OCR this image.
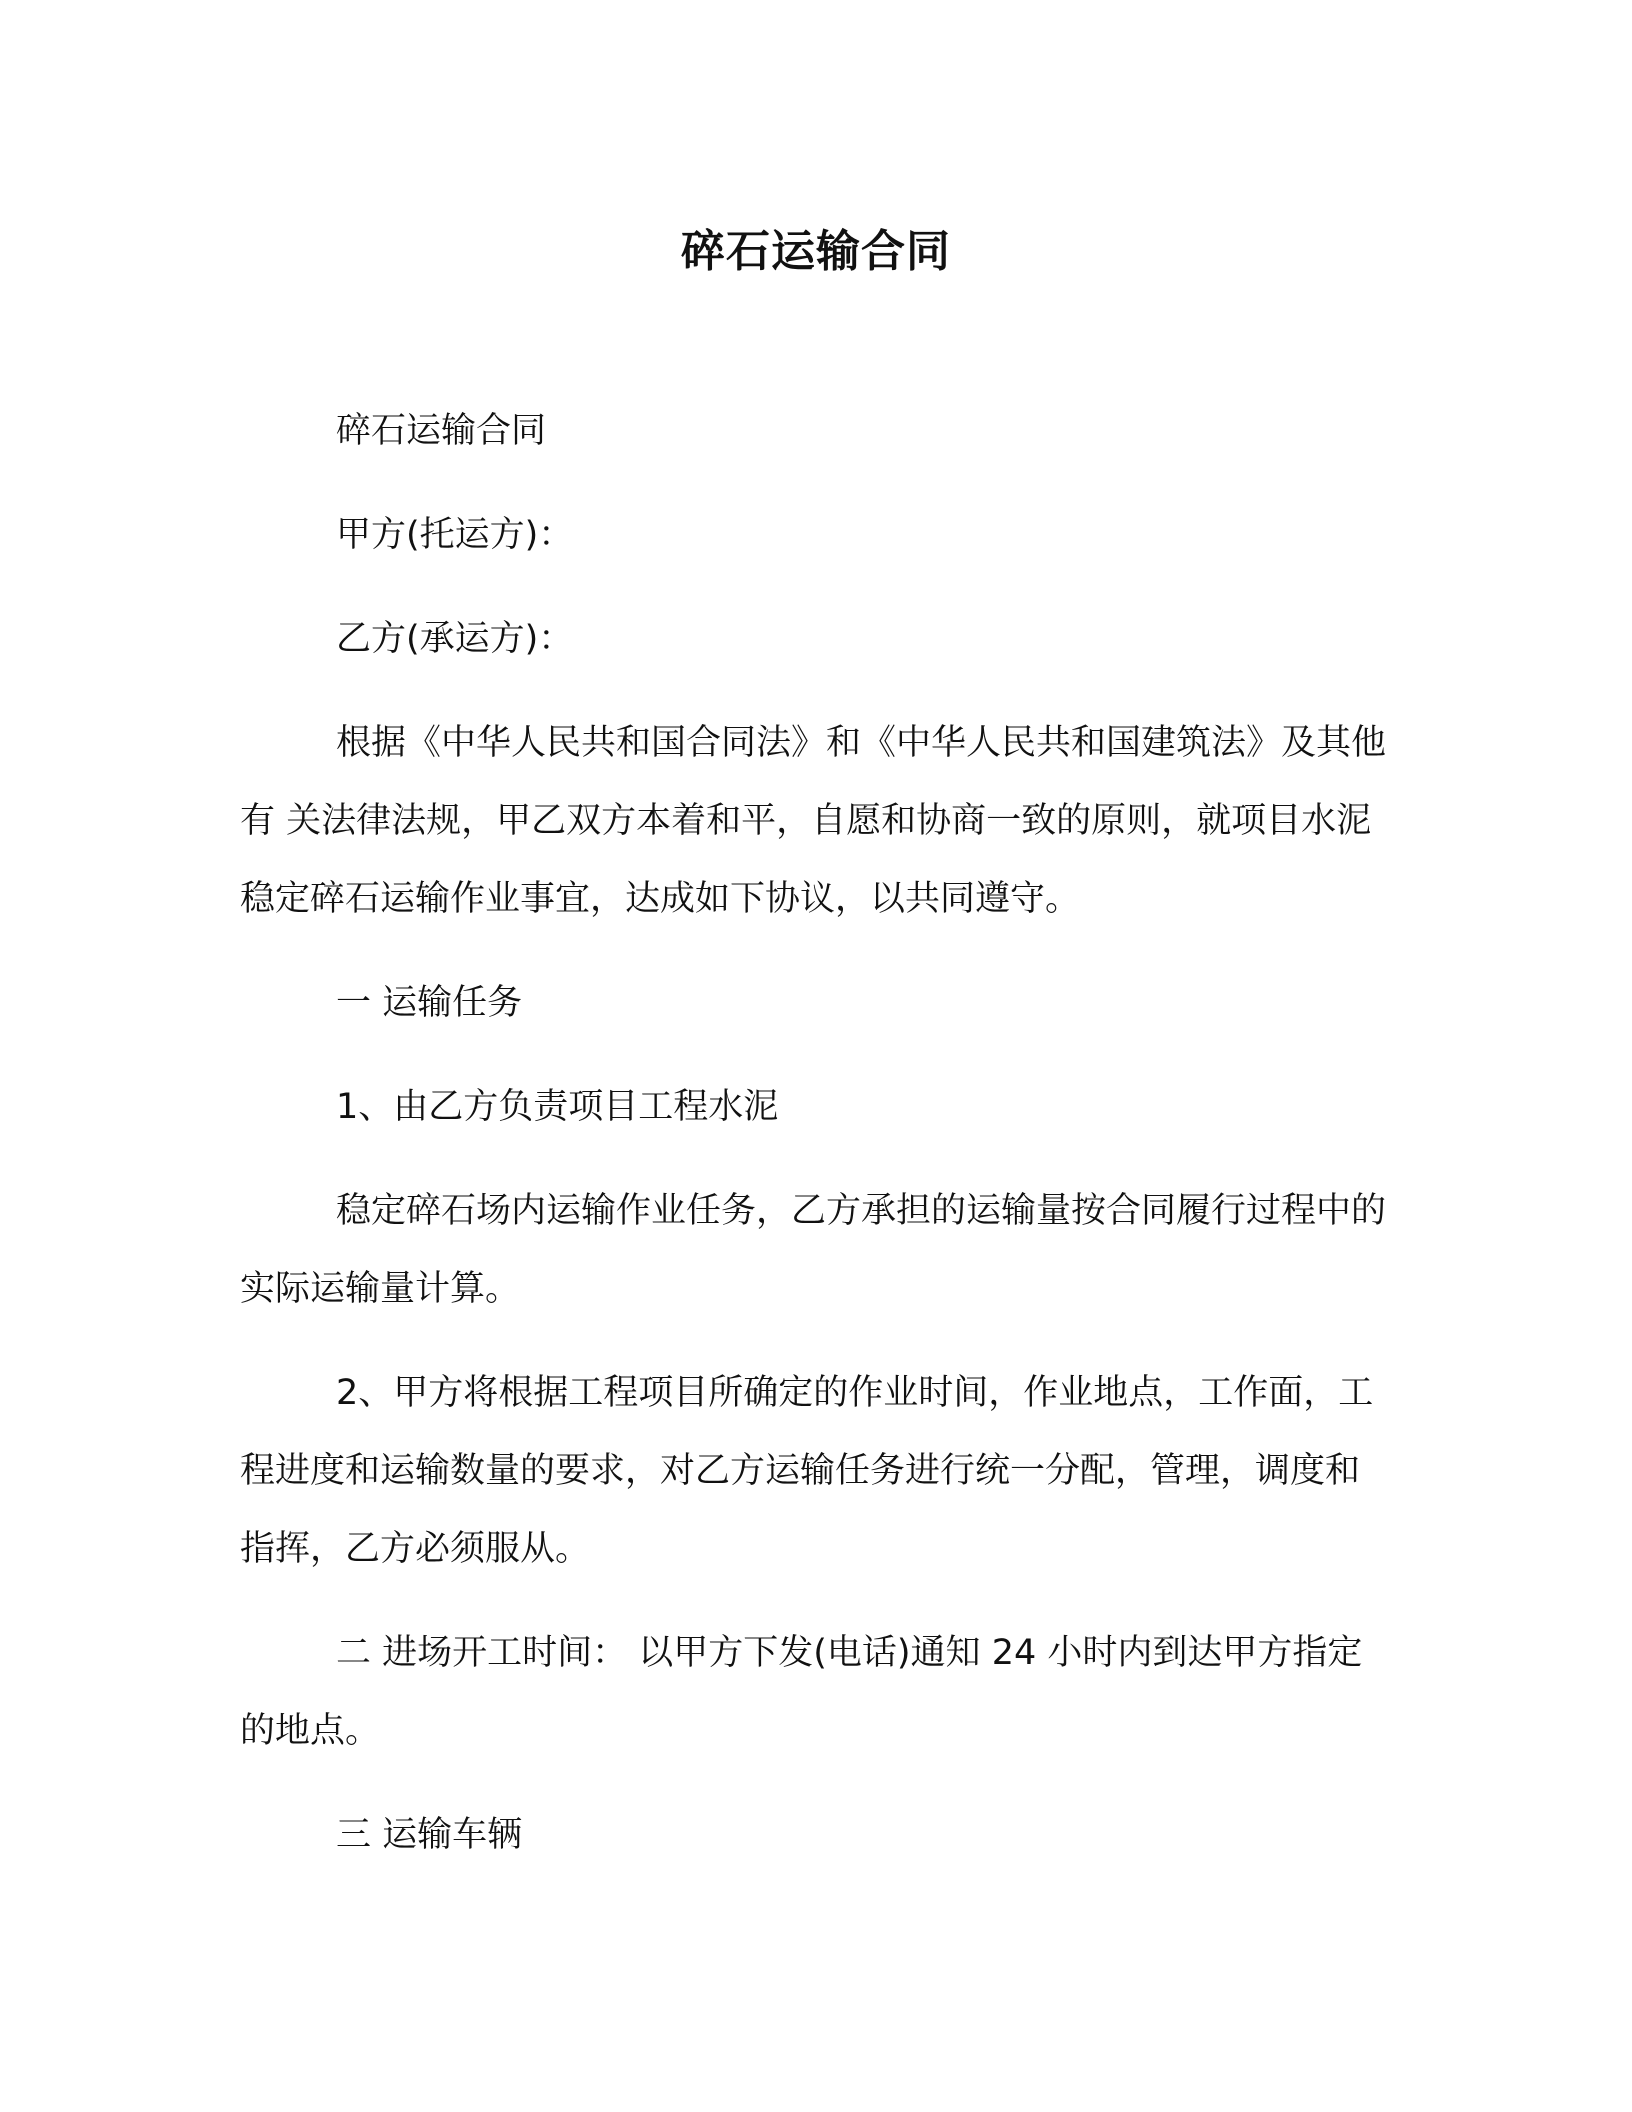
碎石运输合同

碎石运输合同

甲方(托运方)：

乙方(承运方)：

根据《中华人民共和国合同法》和《中华人民共和国建筑法》及其他有 关法律法规，甲乙双方本着和平，自愿和协商一致的原则，就项目水泥稳定碎石运输作业事宜，达成如下协议，以共同遵守。

一 运输任务

1、由乙方负责项目工程水泥

稳定碎石场内运输作业任务，乙方承担的运输量按合同履行过程中的实际运输量计算。

2、甲方将根据工程项目所确定的作业时间，作业地点，工作面，工程进度和运输数量的要求，对乙方运输任务进行统一分配，管理，调度和指挥，乙方必须服从。

二 进场开工时间： 以甲方下发(电话)通知 24 小时内到达甲方指定的地点。

三 运输车辆
